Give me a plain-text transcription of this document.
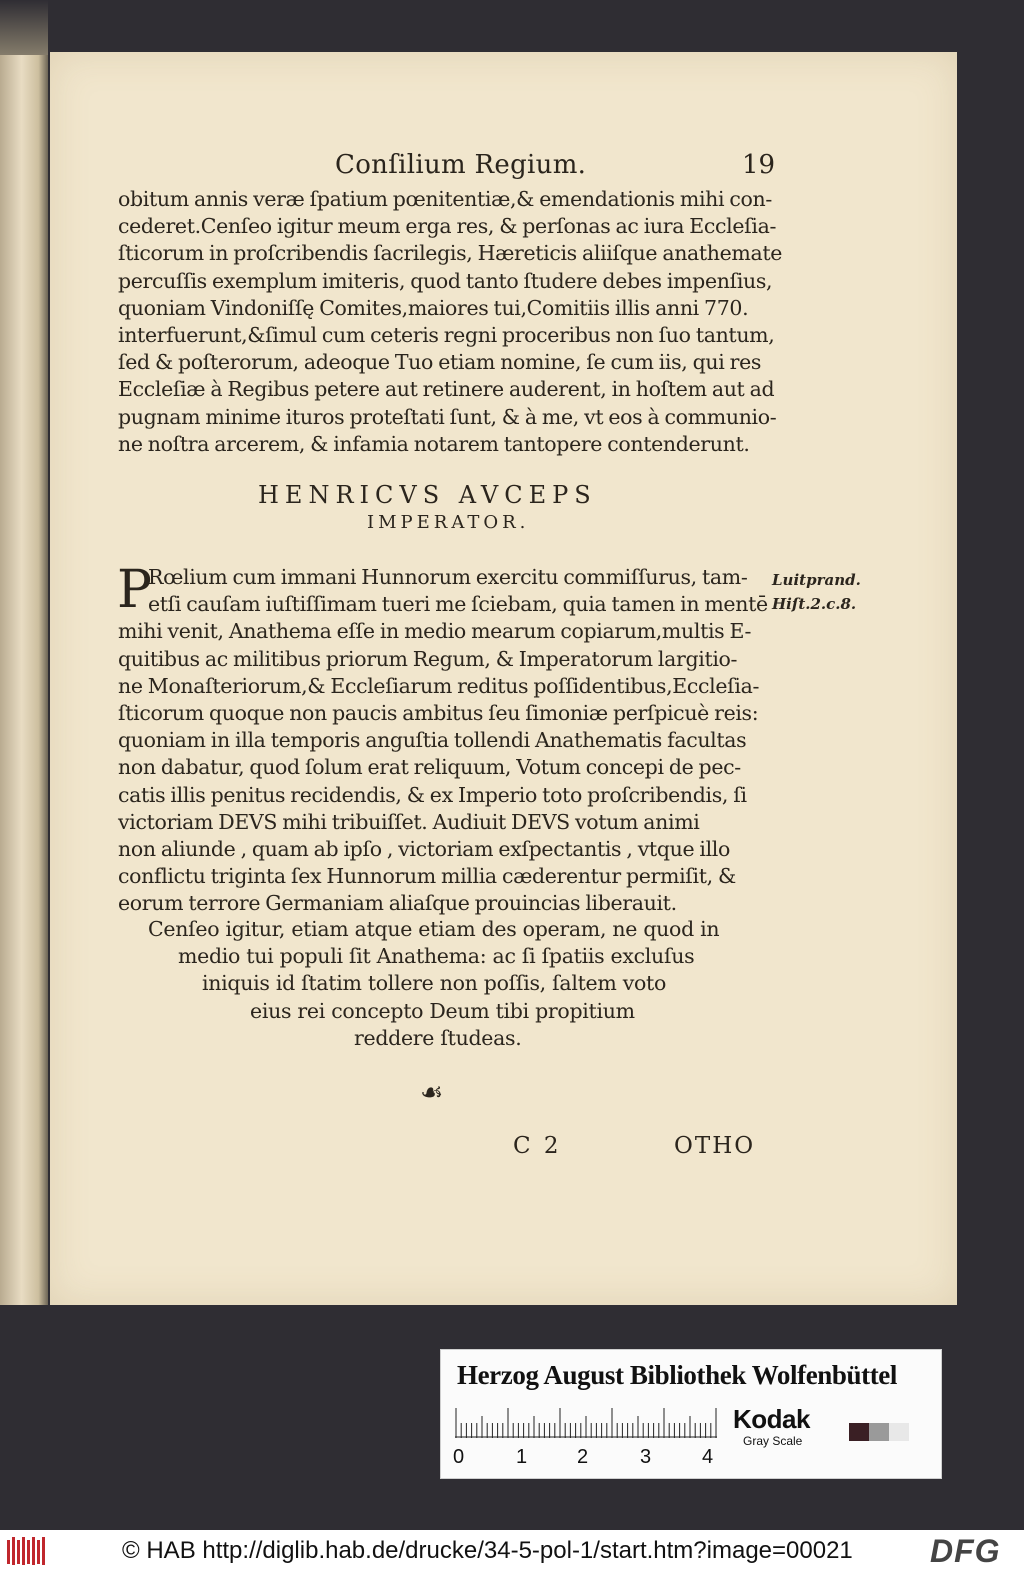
Conſilium Regium.	19
obitum annis veræ ſpatium pœnitentiæ,& emendationis mihi con-
cederet.Cenſeo igitur meum erga res, & perſonas ac iura Eccleſia-
ſticorum in proſcribendis ſacrilegis, Hæreticis aliiſque anathemate
percuſſis exemplum imiteris, quod tanto ſtudere debes impenſius,
quoniam Vindoniſſę Comites,maiores tui,Comitiis illis anni 770.
interfuerunt,&ſimul cum ceteris regni proceribus non ſuo tantum,
ſed & poſterorum, adeoque Tuo etiam nomine, ſe cum iis, qui res
Eccleſiæ à Regibus petere aut retinere auderent, in hoſtem aut ad
pugnam minime ituros proteſtati ſunt, & à me, vt eos à communio-
ne noſtra arcerem, & infamia notarem tantopere contenderunt.
HENRICVS AVCEPS
IMPERATOR.
P
Rœlium cum immani Hunnorum exercitu commiſſurus, tam-
etſi cauſam iuſtiſſimam tueri me ſciebam, quia tamen in mentē
mihi venit, Anathema eſſe in medio mearum copiarum,multis E-
quitibus ac militibus priorum Regum, & Imperatorum largitio-
ne Monaſteriorum,& Eccleſiarum reditus poſſidentibus,Eccleſia-
ſticorum quoque non paucis ambitus ſeu ſimoniæ perſpicuè reis:
quoniam in illa temporis anguſtia tollendi Anathematis facultas
non dabatur, quod ſolum erat reliquum, Votum concepi de pec-
catis illis penitus recidendis, & ex Imperio toto proſcribendis, ſi
victoriam DEVS mihi tribuiſſet. Audiuit DEVS votum animi
non aliunde , quam ab ipſo , victoriam exſpectantis , vtque illo
conflictu triginta ſex Hunnorum millia cæderentur permiſit, &
eorum terrore Germaniam aliaſque prouincias liberauit.
Cenſeo igitur, etiam atque etiam des operam, ne quod in
medio tui populi ſit Anathema: ac ſi ſpatiis excluſus
iniquis id ſtatim tollere non poſſis, ſaltem voto
eius rei concepto Deum tibi propitium
reddere ſtudeas.
Luitprand.
Hiſt.2.c.8.
☙
C 2	OTHO
Herzog August Bibliothek Wolfenbüttel
0	1 2	3	4
Kodak
Gray Scale
© HAB http://diglib.hab.de/drucke/34-5-pol-1/start.htm?image=00021 DFG
